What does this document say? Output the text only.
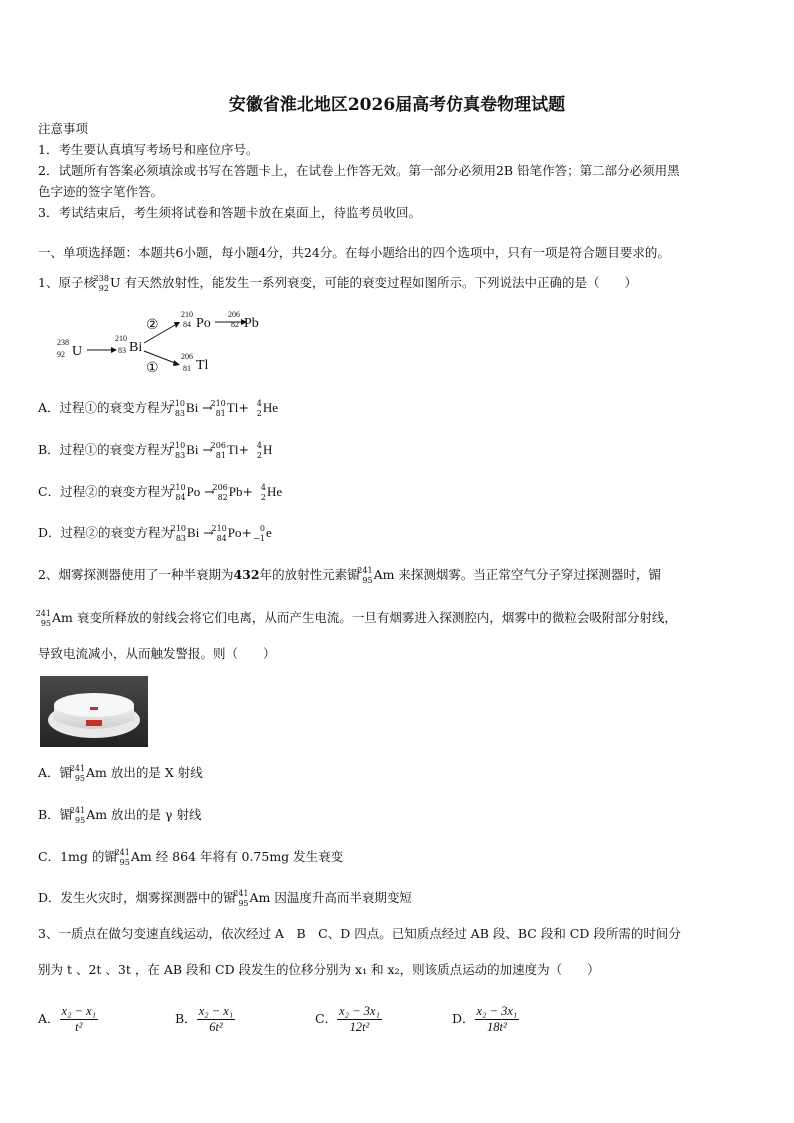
安徽省淮北地区2026届高考仿真卷物理试题
注意事项
1．考生要认真填写考场号和座位序号。
2．试题所有答案必须填涂或书写在答题卡上，在试卷上作答无效。第一部分必须用2B 铅笔作答；第二部分必须用黑
色字迹的签字笔作答。
3．考试结束后，考生须将试卷和答题卡放在桌面上，待监考员收回。
一、单项选择题：本题共6小题，每小题4分，共24分。在每小题给出的四个选项中，只有一项是符合题目要求的。
1、原子核
238
92 U 有天然放射性，能发生一系列衰变，可能的衰变过程如图所示。下列说法中正确的是（　　）
238
92 U
210
83 Bi
②
①
210
84 Po
206
82 Pb
206
81 Tl
A．过程①的衰变方程为
210
83 Bi →
210
81 Tl+ 4
2 He
B．过程①的衰变方程为
210
83 Bi →
206
81 Tl+ 4
2 H
C．过程②的衰变方程为
210
84 Po →
206
82 Pb+ 4
2 He
D．过程②的衰变方程为
210
83 Bi →
210
84 Po+ 0
−1 e
2、烟雾探测器使用了一种半衰期为432年的放射性元素镅
241
95 Am 来探测烟雾。当正常空气分子穿过探测器时，镅
241
95 Am 衰变所释放的射线会将它们电离，从而产生电流。一旦有烟雾进入探测腔内，烟雾中的微粒会吸附部分射线，
导致电流减小，从而触发警报。则（　　）
A．镅
241
95 Am 放出的是 X 射线
B．镅
241
95 Am 放出的是 γ 射线
C．1mg 的镅
241
95 Am 经 864 年将有 0.75mg 发生衰变
D．发生火灾时，烟雾探测器中的镅
241
95 Am 因温度升高而半衰期变短
3、一质点在做匀变速直线运动，依次经过 A　B　C、D 四点。已知质点经过 AB 段、BC 段和 CD 段所需的时间分
别为 t 、2t 、3t ，在 AB 段和 CD 段发生的位移分别为 x₁ 和 x₂，则该质点运动的加速度为（　　）
A． $\frac{\text{x₂ − x₁}}{\text{t²}}$	B． $\frac{\text{x₂ − x₁}}{\text{6t²}}$	C． $\frac{\text{x₂ − 3x₁}}{\text{12t²}}$	D． $\frac{\text{x₂ − 3x₁}}{\text{18t²}}$
